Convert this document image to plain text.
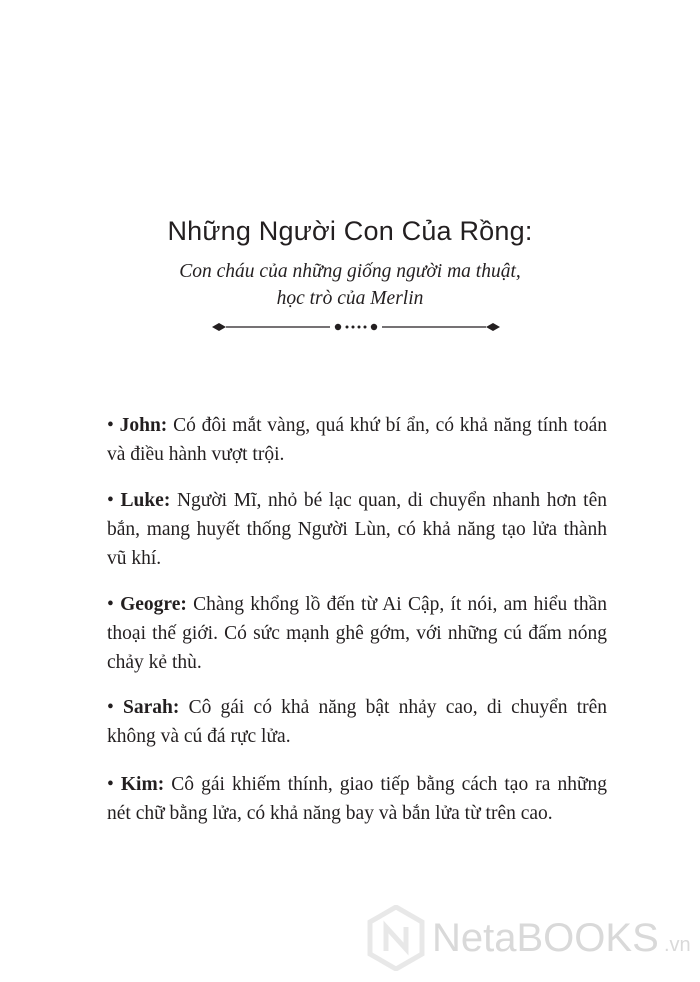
Những Người Con Của Rồng:
Con cháu của những giống người ma thuật,
học trò của Merlin
• John: Có đôi mắt vàng, quá khứ bí ẩn, có khả năng tính toán và điều hành vượt trội.
• Luke: Người Mĩ, nhỏ bé lạc quan, di chuyển nhanh hơn tên bắn, mang huyết thống Người Lùn, có khả năng tạo lửa thành vũ khí.
• Geogre: Chàng khổng lồ đến từ Ai Cập, ít nói, am hiểu thần thoại thế giới. Có sức mạnh ghê gớm, với những cú đấm nóng chảy kẻ thù.
• Sarah: Cô gái có khả năng bật nhảy cao, di chuyển trên không và cú đá rực lửa.
• Kim: Cô gái khiếm thính, giao tiếp bằng cách tạo ra những nét chữ bằng lửa, có khả năng bay và bắn lửa từ trên cao.
NetaBOOKS .vn
